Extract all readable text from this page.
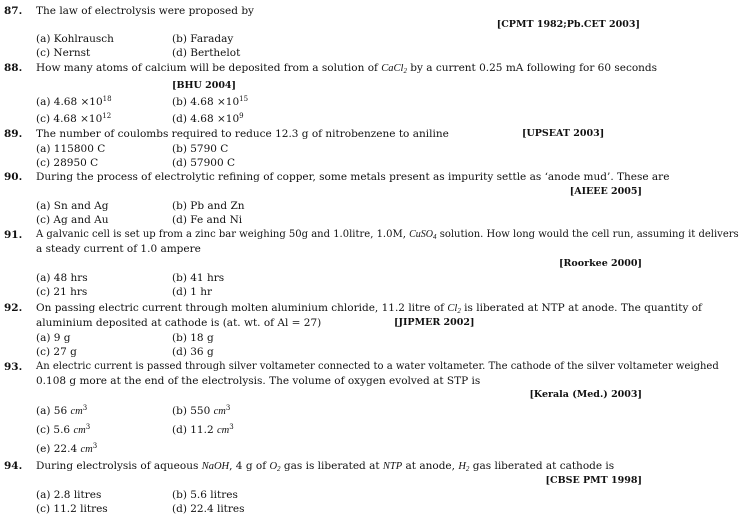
87. The law of electrolysis were proposed by
[CPMT 1982;Pb.CET 2003]
(a) Kohlrausch	(b) Faraday
(c) Nernst	(d) Berthelot
88. How many atoms of calcium will be deposited from a solution of CaCl$_2$ by a current 0.25 mA following for 60 seconds
[BHU 2004]
(a) $4.68 \times 10^{18}$	(b) $4.68 \times 10^{15}$
(c) $4.68 \times 10^{12}$	(d) $4.68 \times 10^9$
89. The number of coulombs required to reduce 12.3 g of nitrobenzene to aniline	[UPSEAT 2003]
(a) 115800 C	(b) 5790 C
(c) 28950 C	(d) 57900 C
90. During the process of electrolytic refining of copper, some metals present as impurity settle as ‘anode mud’. These are
[AIEEE 2005]
(a) Sn and Ag	(b) Pb and Zn
(c) Ag and Au	(d) Fe and Ni
91. A galvanic cell is set up from a zinc bar weighing 50g and 1.0litre, 1.0M, CuSO$_4$ solution. How long would the cell run, assuming it delivers
a steady current of 1.0 ampere
[Roorkee 2000]
(a) 48 hrs	(b) 41 hrs
(c) 21 hrs	(d) 1 hr
92. On passing electric current through molten aluminium chloride, 11.2 litre of $Cl_2$ is liberated at NTP at anode. The quantity of
aluminium deposited at cathode is (at. wt. of Al = 27)	[JIPMER 2002]
(a) 9 g	(b) 18 g
(c) 27 g	(d) 36 g
93. An electric current is passed through silver voltameter connected to a water voltameter. The cathode of the silver voltameter weighed
0.108 g more at the end of the electrolysis. The volume of oxygen evolved at STP is
[Kerala (Med.) 2003]
(a) 56 $cm^3$	(b) 550 $cm^3$
(c) 5.6 $cm^3$	(d) 11.2 $cm^3$
(e) 22.4 $cm^3$
94. During electrolysis of aqueous NaOH, 4 g of $O_2$ gas is liberated at NTP at anode, $H_2$ gas liberated at cathode is
[CBSE PMT 1998]
(a) 2.8 litres	(b) 5.6 litres
(c) 11.2 litres	(d) 22.4 litres
